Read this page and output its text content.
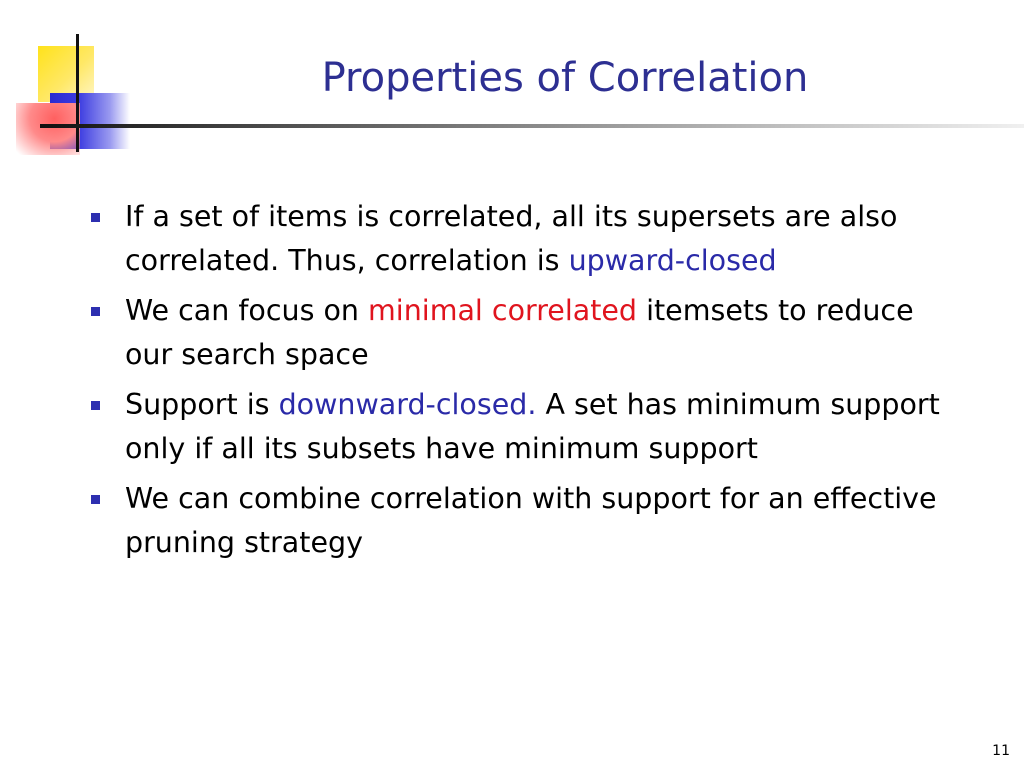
Properties of Correlation
If a set of items is correlated, all its supersets are also correlated. Thus, correlation is upward-closed
We can focus on minimal correlated itemsets to reduce our search space
Support is downward-closed. A set has minimum support only if all its subsets have minimum support
We can combine correlation with support for an effective pruning strategy
11
